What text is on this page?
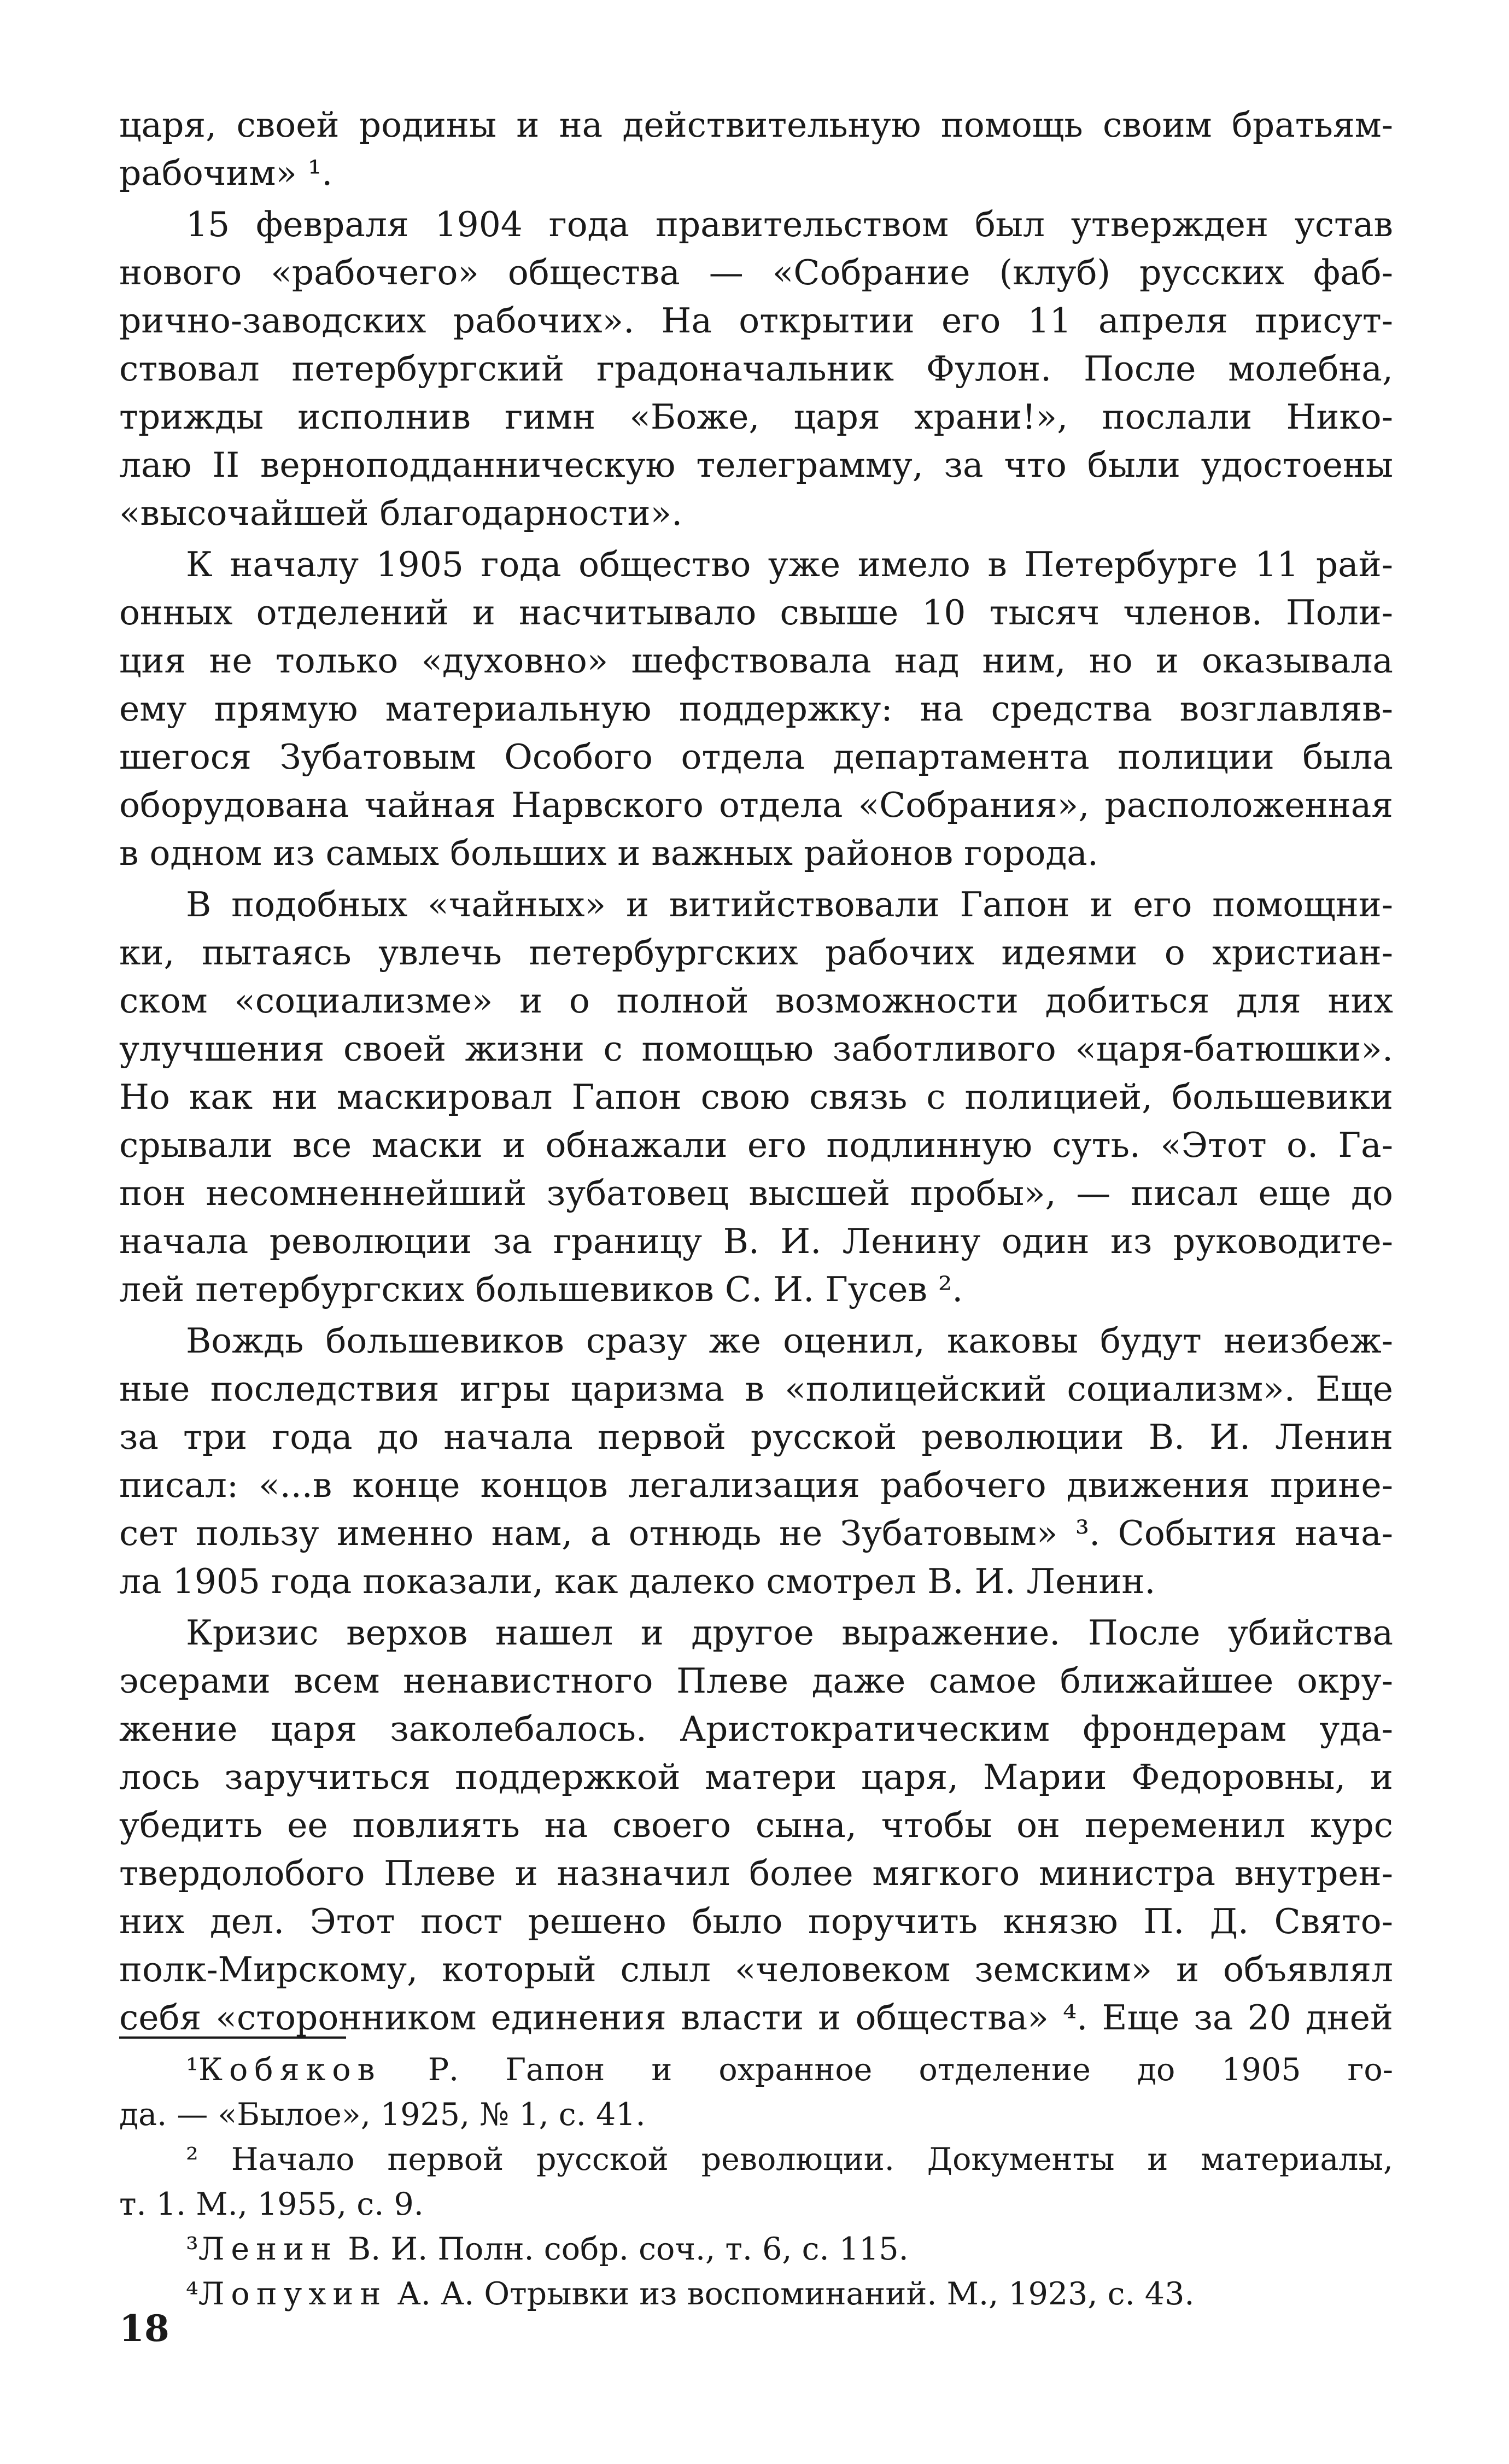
царя, своей родины и на действительную помощь своим братьям-
рабочим» ¹.

15 февраля 1904 года правительством был утвержден устав
нового «рабочего» общества — «Собрание (клуб) русских фаб-
рично-заводских рабочих». На открытии его 11 апреля присут-
ствовал петербургский градоначальник Фулон. После молебна,
трижды исполнив гимн «Боже, царя храни!», послали Нико-
лаю II верноподданническую телеграмму, за что были удостоены
«высочайшей благодарности».

К началу 1905 года общество уже имело в Петербурге 11 рай-
онных отделений и насчитывало свыше 10 тысяч членов. Поли-
ция не только «духовно» шефствовала над ним, но и оказывала
ему прямую материальную поддержку: на средства возглавляв-
шегося Зубатовым Особого отдела департамента полиции была
оборудована чайная Нарвского отдела «Собрания», расположенная
в одном из самых больших и важных районов города.

В подобных «чайных» и витийствовали Гапон и его помощни-
ки, пытаясь увлечь петербургских рабочих идеями о христиан-
ском «социализме» и о полной возможности добиться для них
улучшения своей жизни с помощью заботливого «царя-батюшки».
Но как ни маскировал Гапон свою связь с полицией, большевики
срывали все маски и обнажали его подлинную суть. «Этот о. Га-
пон несомненнейший зубатовец высшей пробы», — писал еще до
начала революции за границу В. И. Ленину один из руководите-
лей петербургских большевиков С. И. Гусев ².

Вождь большевиков сразу же оценил, каковы будут неизбеж-
ные последствия игры царизма в «полицейский социализм». Еще
за три года до начала первой русской революции В. И. Ленин
писал: «...в конце концов легализация рабочего движения прине-
сет пользу именно нам, а отнюдь не Зубатовым» ³. События нача-
ла 1905 года показали, как далеко смотрел В. И. Ленин.

Кризис верхов нашел и другое выражение. После убийства
эсерами всем ненавистного Плеве даже самое ближайшее окру-
жение царя заколебалось. Аристократическим фрондерам уда-
лось заручиться поддержкой матери царя, Марии Федоровны, и
убедить ее повлиять на своего сына, чтобы он переменил курс
твердолобого Плеве и назначил более мягкого министра внутрен-
них дел. Этот пост решено было поручить князю П. Д. Свято-
полк-Мирскому, который слыл «человеком земским» и объявлял
себя «сторонником единения власти и общества» ⁴. Еще за 20 дней

¹Кобяков Р. Гапон и охранное отделение до 1905 го-
да. — «Былое», 1925, № 1, с. 41.

² Начало первой русской революции. Документы и материалы,
т. 1. М., 1955, с. 9.

³Ленин В. И. Полн. собр. соч., т. 6, с. 115.

⁴Лопухин А. А. Отрывки из воспоминаний. М., 1923, с. 43.

18
